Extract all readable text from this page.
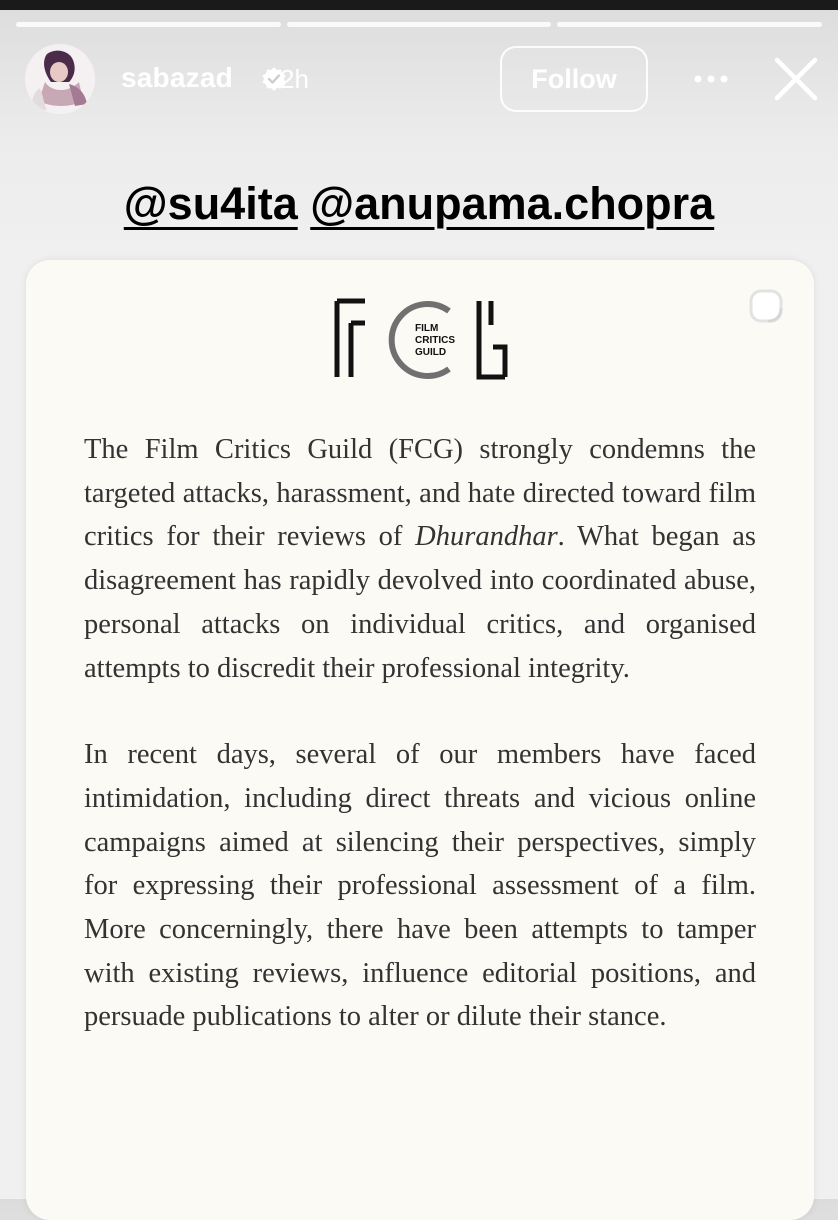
sabazad 2h	Follow
@su4ita @anupama.chopra
FILM
CRITICS
GUILD

The Film Critics Guild (FCG) strongly condemns the targeted attacks, harassment, and hate directed toward film critics for their reviews of Dhurandhar. What began as disagreement has rapidly devolved into coordinated abuse, personal attacks on individual critics, and organised attempts to discredit their professional integrity.

In recent days, several of our members have faced intimidation, including direct threats and vicious online campaigns aimed at silencing their perspectives, simply for expressing their professional assessment of a film. More concerningly, there have been attempts to tamper with existing reviews, influence editorial positions, and persuade publications to alter or dilute their stance.
